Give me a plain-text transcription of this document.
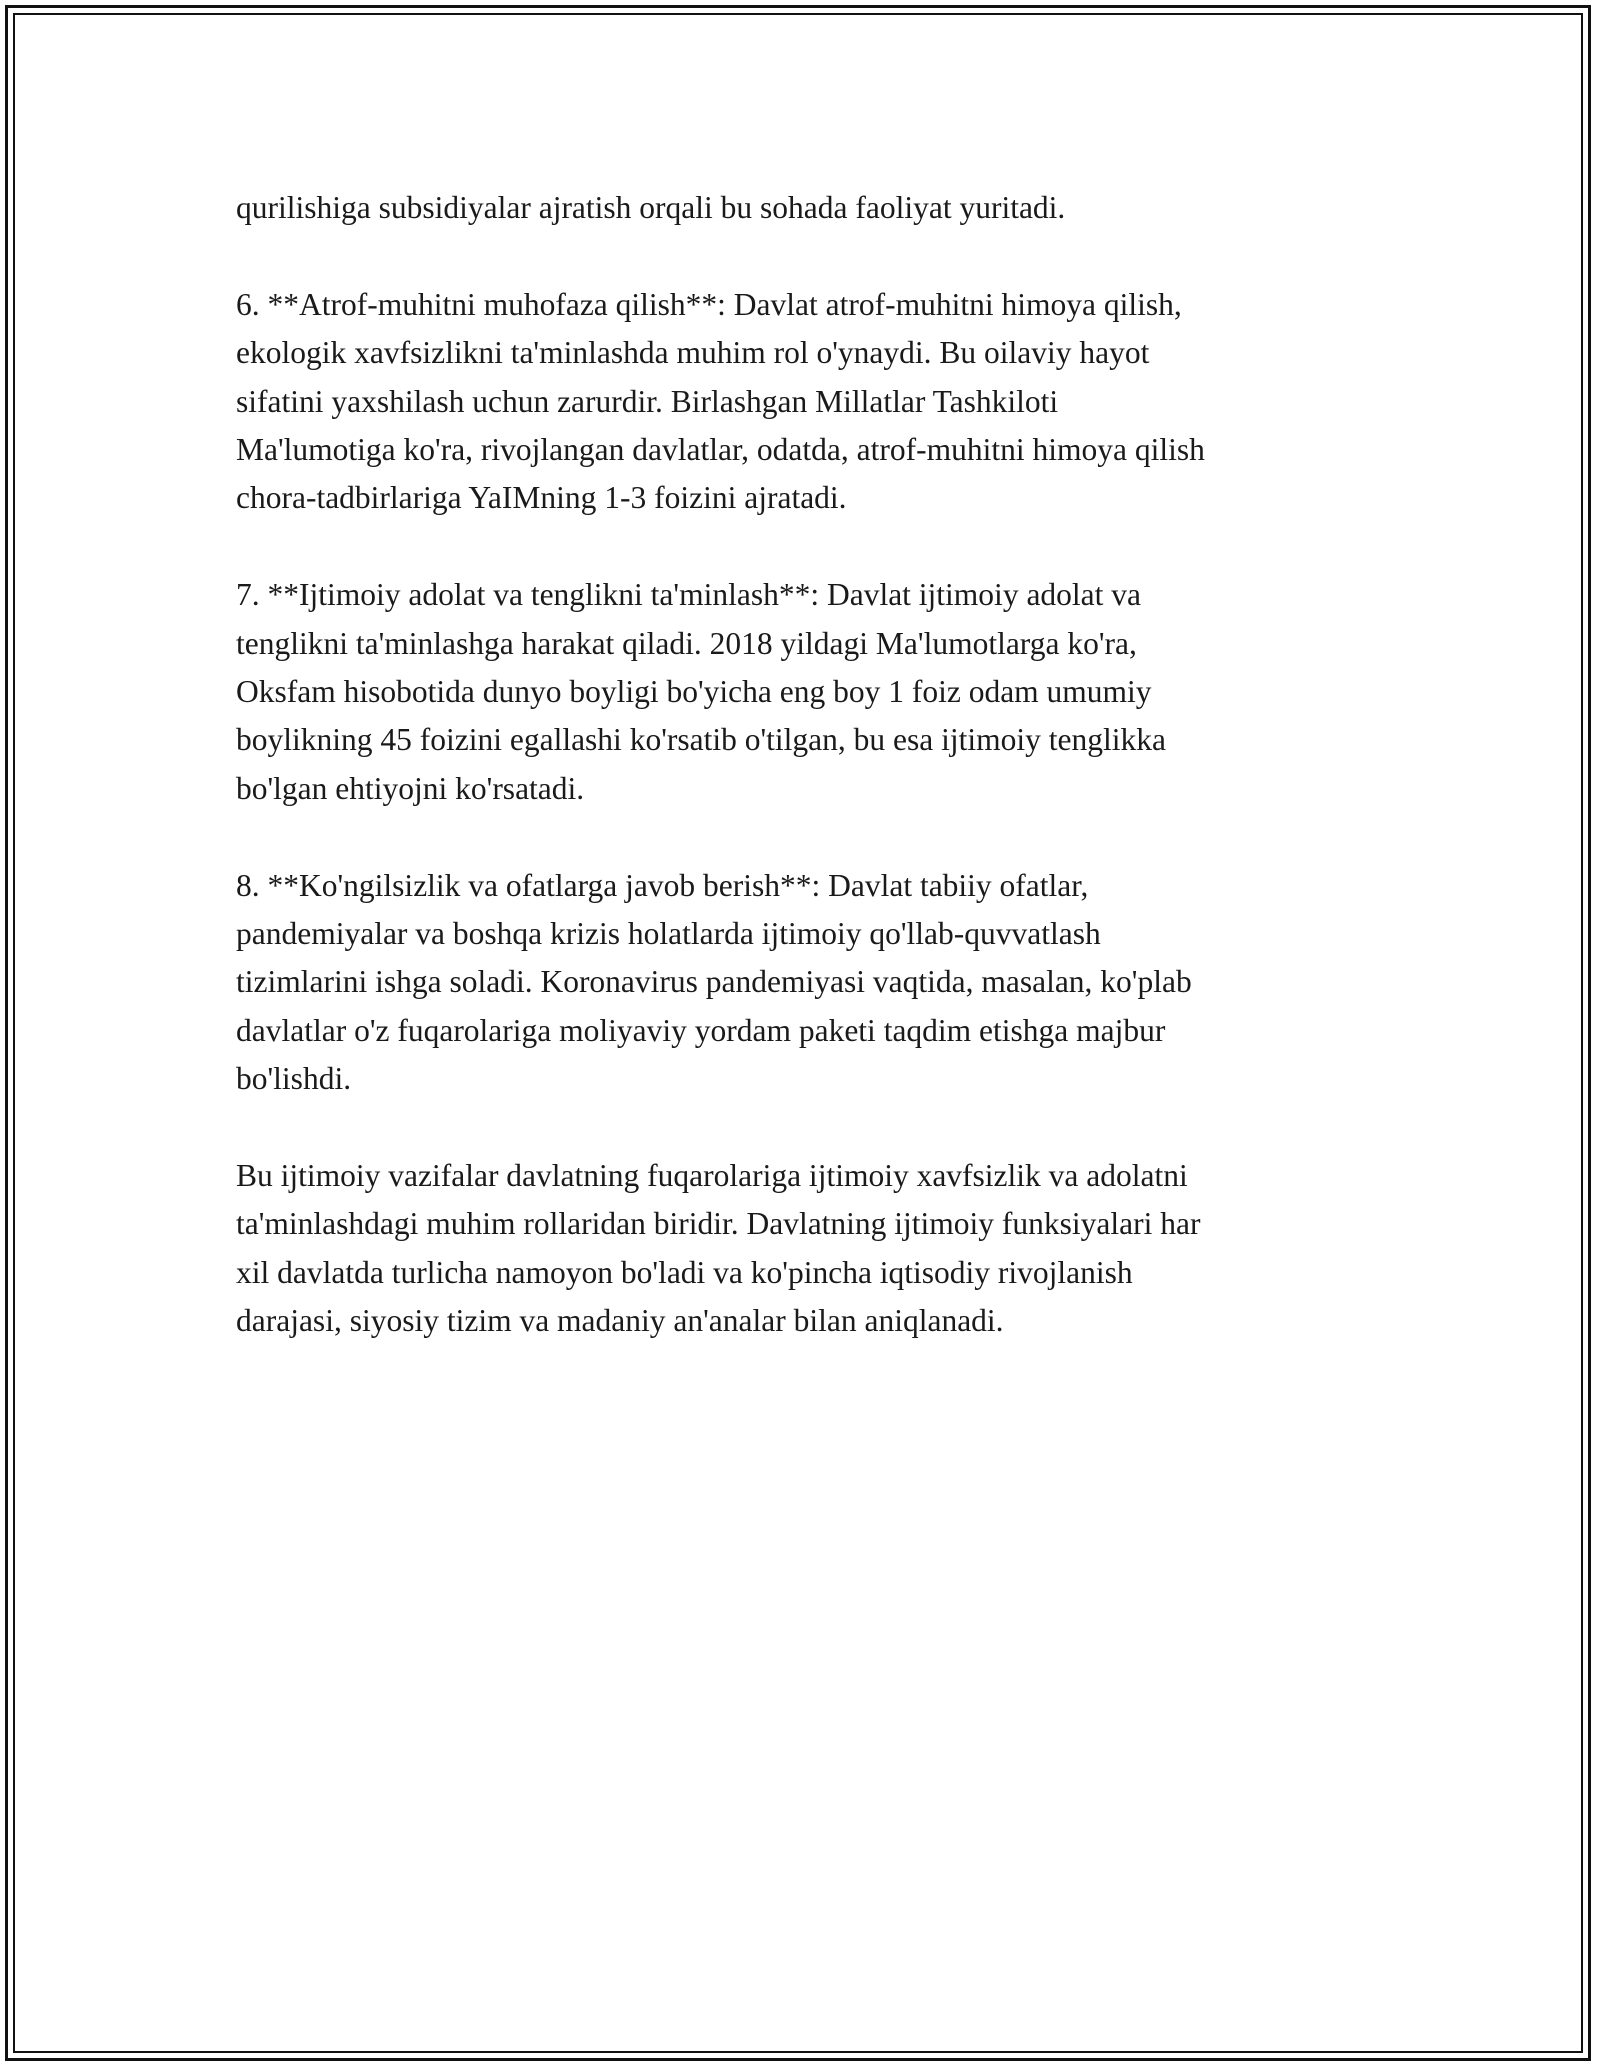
qurilishiga subsidiyalar ajratish orqali bu sohada faoliyat yuritadi.

6. **Atrof-muhitni muhofaza qilish**: Davlat atrof-muhitni himoya qilish,
ekologik xavfsizlikni ta'minlashda muhim rol o'ynaydi. Bu oilaviy hayot
sifatini yaxshilash uchun zarurdir. Birlashgan Millatlar Tashkiloti
Ma'lumotiga ko'ra, rivojlangan davlatlar, odatda, atrof-muhitni himoya qilish
chora-tadbirlariga YaIMning 1-3 foizini ajratadi.

7. **Ijtimoiy adolat va tenglikni ta'minlash**: Davlat ijtimoiy adolat va
tenglikni ta'minlashga harakat qiladi. 2018 yildagi Ma'lumotlarga ko'ra,
Oksfam hisobotida dunyo boyligi bo'yicha eng boy 1 foiz odam umumiy
boylikning 45 foizini egallashi ko'rsatib o'tilgan, bu esa ijtimoiy tenglikka
bo'lgan ehtiyojni ko'rsatadi.

8. **Ko'ngilsizlik va ofatlarga javob berish**: Davlat tabiiy ofatlar,
pandemiyalar va boshqa krizis holatlarda ijtimoiy qo'llab-quvvatlash
tizimlarini ishga soladi. Koronavirus pandemiyasi vaqtida, masalan, ko'plab
davlatlar o'z fuqarolariga moliyaviy yordam paketi taqdim etishga majbur
bo'lishdi.

Bu ijtimoiy vazifalar davlatning fuqarolariga ijtimoiy xavfsizlik va adolatni
ta'minlashdagi muhim rollaridan biridir. Davlatning ijtimoiy funksiyalari har
xil davlatda turlicha namoyon bo'ladi va ko'pincha iqtisodiy rivojlanish
darajasi, siyosiy tizim va madaniy an'analar bilan aniqlanadi.
